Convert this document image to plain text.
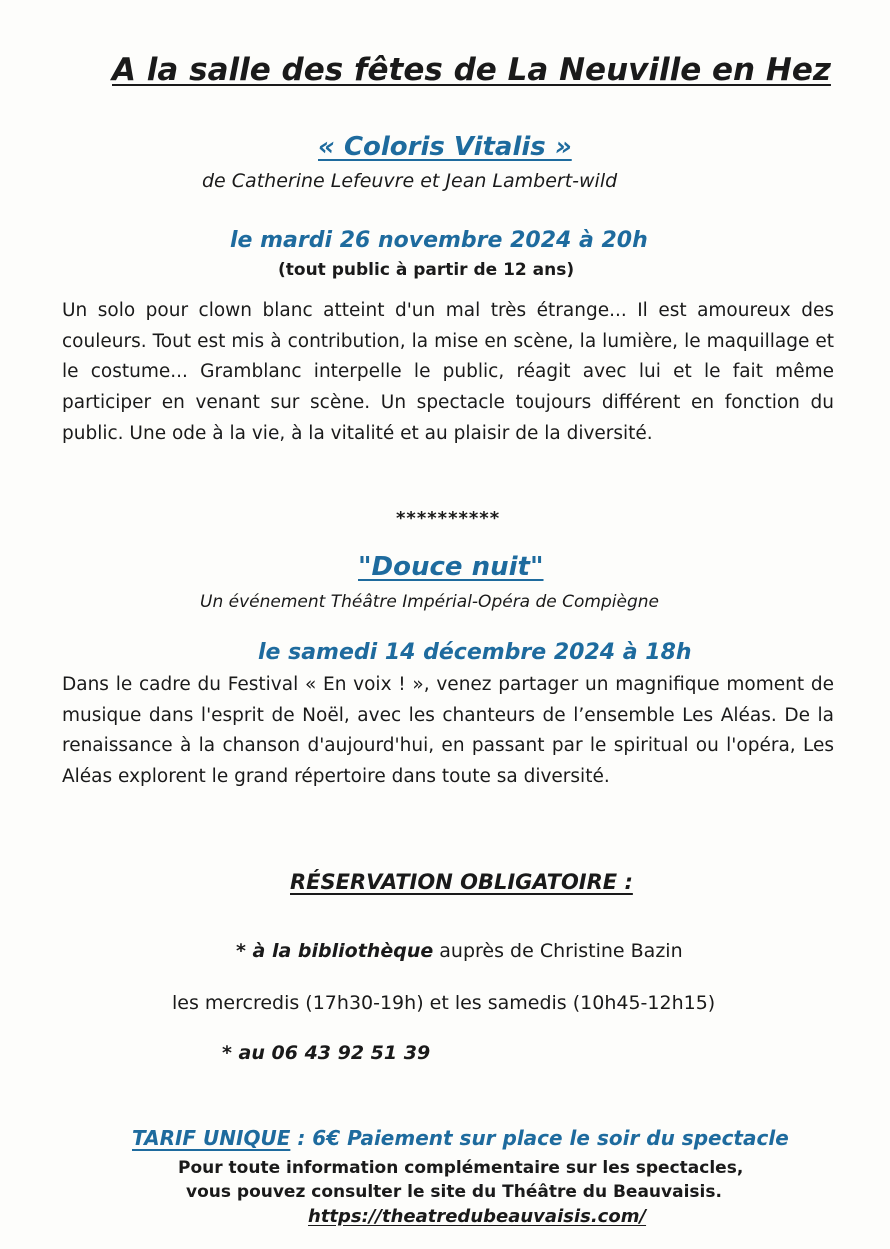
A la salle des fêtes de La Neuville en Hez
« Coloris Vitalis »
de Catherine Lefeuvre et Jean Lambert-wild
le mardi 26 novembre 2024 à 20h
(tout public à partir de 12 ans)
Un solo pour clown blanc atteint d'un mal très étrange... Il est amoureux des couleurs. Tout est mis à contribution, la mise en scène, la lumière, le maquillage et le costume... Gramblanc interpelle le public, réagit avec lui et le fait même participer en venant sur scène. Un spectacle toujours différent en fonction du public. Une ode à la vie, à la vitalité et au plaisir de la diversité.
**********
"Douce nuit"
Un événement Théâtre Impérial-Opéra de Compiègne
le samedi 14 décembre 2024 à 18h
Dans le cadre du Festival « En voix ! », venez partager un magnifique moment de musique dans l'esprit de Noël, avec les chanteurs de l’ensemble Les Aléas. De la renaissance à la chanson d'aujourd'hui, en passant par le spiritual ou l'opéra, Les Aléas explorent le grand répertoire dans toute sa diversité.
RÉSERVATION OBLIGATOIRE :
* à la bibliothèque auprès de Christine Bazin
les mercredis (17h30-19h) et les samedis (10h45-12h15)
* au 06 43 92 51 39
TARIF UNIQUE : 6€ Paiement sur place le soir du spectacle
Pour toute information complémentaire sur les spectacles,
vous pouvez consulter le site du Théâtre du Beauvaisis.
https://theatredubeauvaisis.com/
